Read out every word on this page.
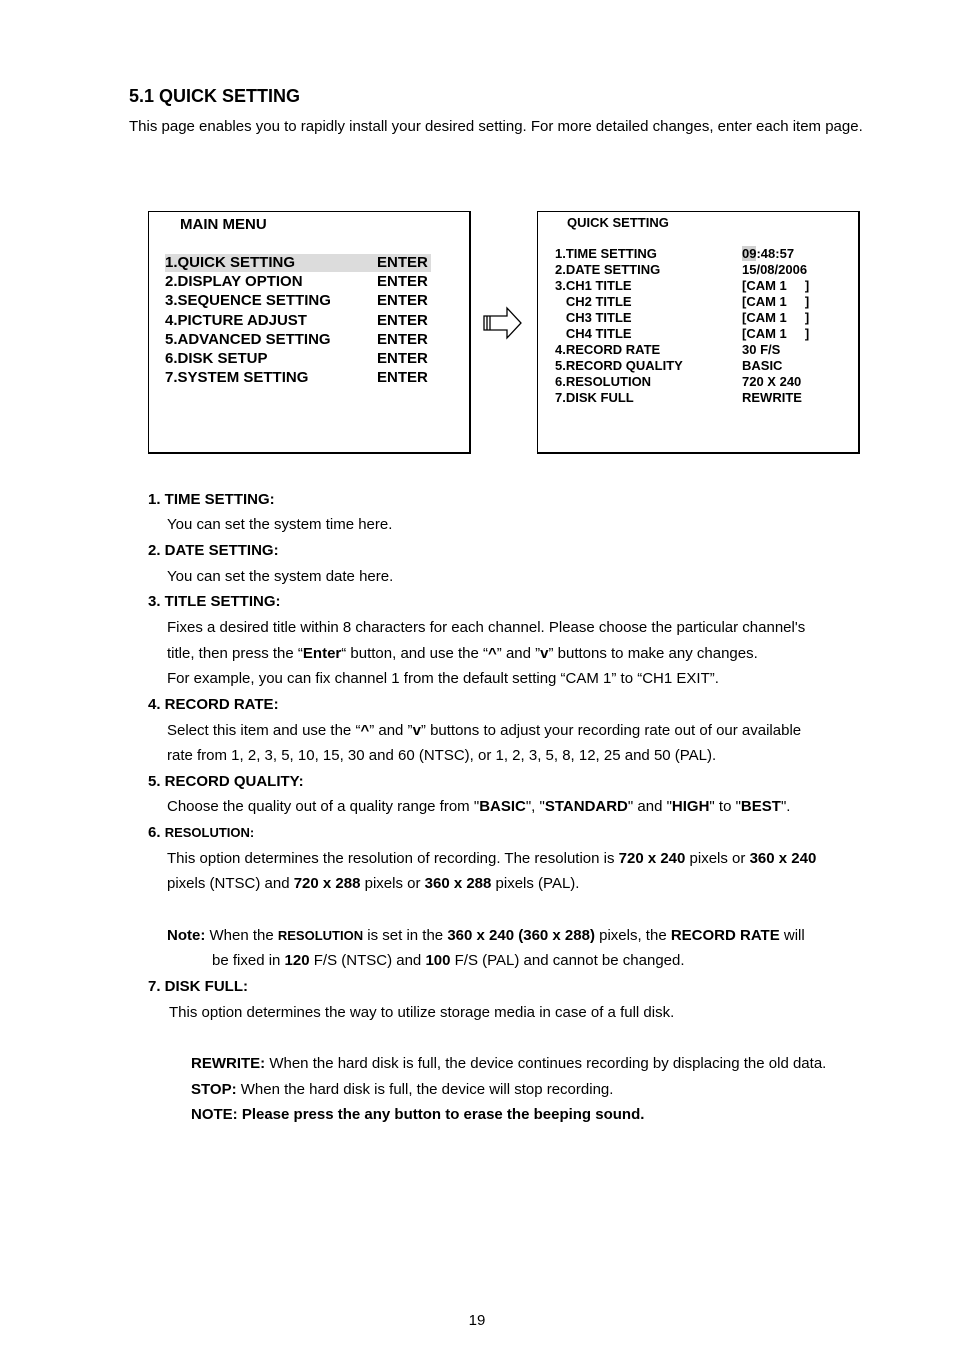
5.1 QUICK SETTING

This page enables you to rapidly install your desired setting. For more detailed changes, enter each item page.

MAIN MENU
1.QUICK SETTING	ENTER
2.DISPLAY OPTION	ENTER
3.SEQUENCE SETTING	ENTER
4.PICTURE ADJUST	ENTER
5.ADVANCED SETTING	ENTER
6.DISK SETUP	ENTER
7.SYSTEM SETTING	ENTER
QUICK SETTING
1.TIME SETTING	09:48:57
2.DATE SETTING	15/08/2006
3.CH1 TITLE	[CAM 1     ]
CH2 TITLE	[CAM 1     ]
CH3 TITLE	[CAM 1     ]
CH4 TITLE	[CAM 1     ]
4.RECORD RATE	30 F/S
5.RECORD QUALITY	BASIC
6.RESOLUTION	720 X 240
7.DISK FULL	REWRITE
1. TIME SETTING:
You can set the system time here.
2. DATE SETTING:
You can set the system date here.
3. TITLE SETTING:
Fixes a desired title within 8 characters for each channel. Please choose the particular channel's
title, then press the “Enter“ button, and use the “^” and ”v” buttons to make any changes.
For example, you can fix channel 1 from the default setting “CAM 1” to “CH1 EXIT”.
4. RECORD RATE:
Select this item and use the “^” and ”v” buttons to adjust your recording rate out of our available
rate from 1, 2, 3, 5, 10, 15, 30 and 60 (NTSC), or 1, 2, 3, 5, 8, 12, 25 and 50 (PAL).
5. RECORD QUALITY:
Choose the quality out of a quality range from "BASIC", "STANDARD" and "HIGH" to "BEST".
6. RESOLUTION:
This option determines the resolution of recording. The resolution is 720 x 240 pixels or 360 x 240
pixels (NTSC) and 720 x 288 pixels or 360 x 288 pixels (PAL).
Note: When the RESOLUTION is set in the 360 x 240 (360 x 288) pixels, the RECORD RATE will
be fixed in 120 F/S (NTSC) and 100 F/S (PAL) and cannot be changed.
7. DISK FULL:
This option determines the way to utilize storage media in case of a full disk.
REWRITE: When the hard disk is full, the device continues recording by displacing the old data.
STOP: When the hard disk is full, the device will stop recording.
NOTE: Please press the any button to erase the beeping sound.
19
